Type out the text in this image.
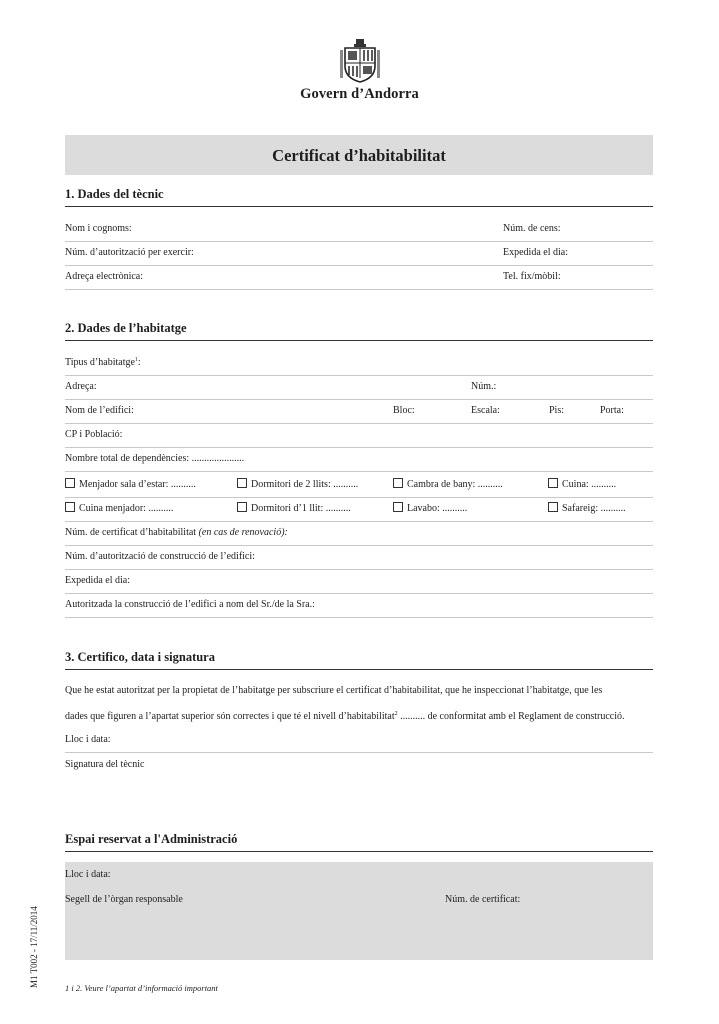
Govern d’Andorra
Certificat d’habitabilitat
1. Dades del tècnic
Nom i cognoms:	Núm. de cens:
Núm. d’autorització per exercir:	Expedida el dia:
Adreça electrònica:	Tel. fix/mòbil:
2. Dades de l’habitatge
Tipus d’habitatge$^1$:
Adreça:	Núm.:
Nom de l’edifici:	Bloc:	Escala:	Pis:	Porta:
CP i Població:
Nombre total de dependències: .....................
Menjador sala d’estar: ..........	Dormitori de 2 llits: ..........	Cambra de bany: ..........	Cuina: ..........
Cuina menjador: ..........	Dormitori d’1 llit: ..........	Lavabo: ..........	Safareig: ..........
Núm. de certificat d’habitabilitat (en cas de renovació):
Núm. d’autorització de construcció de l’edifici:
Expedida el dia:
Autoritzada la construcció de l’edifici a nom del Sr./de la Sra.:
3. Certifico, data i signatura
Que he estat autoritzat per la propietat de l’habitatge per subscriure el certificat d’habitabilitat, que he inspeccionat l’habitatge, que les
dades que figuren a l’apartat superior són correctes i que té el nivell d’habitabilitat$^2$ .......... de conformitat amb el Reglament de construcció.
Lloc i data:
Signatura del tècnic
Espai reservat a l'Administració
Lloc i data:
Segell de l’òrgan responsable	Núm. de certificat:
1 i 2. Veure l’apartat d’informació important
M1 T002 - 17/11/2014
